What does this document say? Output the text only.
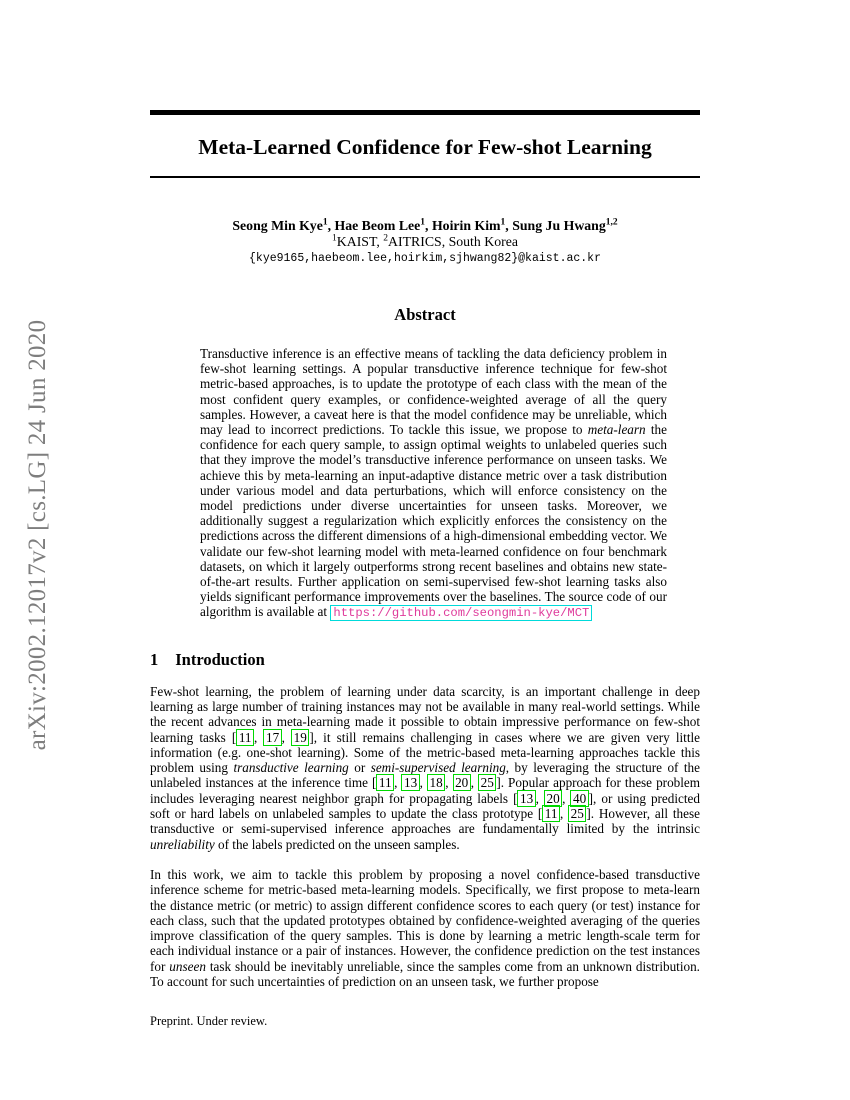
arXiv:2002.12017v2 [cs.LG] 24 Jun 2020
Meta-Learned Confidence for Few-shot Learning
Seong Min Kye$^1$, Hae Beom Lee$^1$, Hoirin Kim$^1$, Sung Ju Hwang$^{1,2}$
$^1$KAIST, $^2$AITRICS, South Korea
{kye9165,haebeom.lee,hoirkim,sjhwang82}@kaist.ac.kr
Abstract
Transductive inference is an effective means of tackling the data deficiency problem in few-shot learning settings. A popular transductive inference technique for few-shot metric-based approaches, is to update the prototype of each class with the mean of the most confident query examples, or confidence-weighted average of all the query samples. However, a caveat here is that the model confidence may be unreliable, which may lead to incorrect predictions. To tackle this issue, we propose to meta-learn the confidence for each query sample, to assign optimal weights to unlabeled queries such that they improve the model’s transductive inference performance on unseen tasks. We achieve this by meta-learning an input-adaptive distance metric over a task distribution under various model and data perturbations, which will enforce consistency on the model predictions under diverse uncertainties for unseen tasks. Moreover, we additionally suggest a regularization which explicitly enforces the consistency on the predictions across the different dimensions of a high-dimensional embedding vector. We validate our few-shot learning model with meta-learned confidence on four benchmark datasets, on which it largely outperforms strong recent baselines and obtains new state-of-the-art results. Further application on semi-supervised few-shot learning tasks also yields significant performance improvements over the baselines. The source code of our algorithm is available at https://github.com/seongmin-kye/MCT
1 Introduction

Few-shot learning, the problem of learning under data scarcity, is an important challenge in deep learning as large number of training instances may not be available in many real-world settings. While the recent advances in meta-learning made it possible to obtain impressive performance on few-shot learning tasks [ 11 , 17 , 19 ], it still remains challenging in cases where we are given very little information (e.g. one-shot learning). Some of the metric-based meta-learning approaches tackle this problem using transductive learning or semi-supervised learning, by leveraging the structure of the unlabeled instances at the inference time [ 11 , 13 , 18 , 20 , 25 ]. Popular approach for these problem includes leveraging nearest neighbor graph for propagating labels [ 13 , 20 , 40 ], or using predicted soft or hard labels on unlabeled samples to update the class prototype [ 11 , 25 ]. However, all these transductive or semi-supervised inference approaches are fundamentally limited by the intrinsic unreliability of the labels predicted on the unseen samples.

In this work, we aim to tackle this problem by proposing a novel confidence-based transductive inference scheme for metric-based meta-learning models. Specifically, we first propose to meta-learn the distance metric (or metric) to assign different confidence scores to each query (or test) instance for each class, such that the updated prototypes obtained by confidence-weighted averaging of the queries improve classification of the query samples. This is done by learning a metric length-scale term for each individual instance or a pair of instances. However, the confidence prediction on the test instances for unseen task should be inevitably unreliable, since the samples come from an unknown distribution. To account for such uncertainties of prediction on an unseen task, we further propose

Preprint. Under review.
